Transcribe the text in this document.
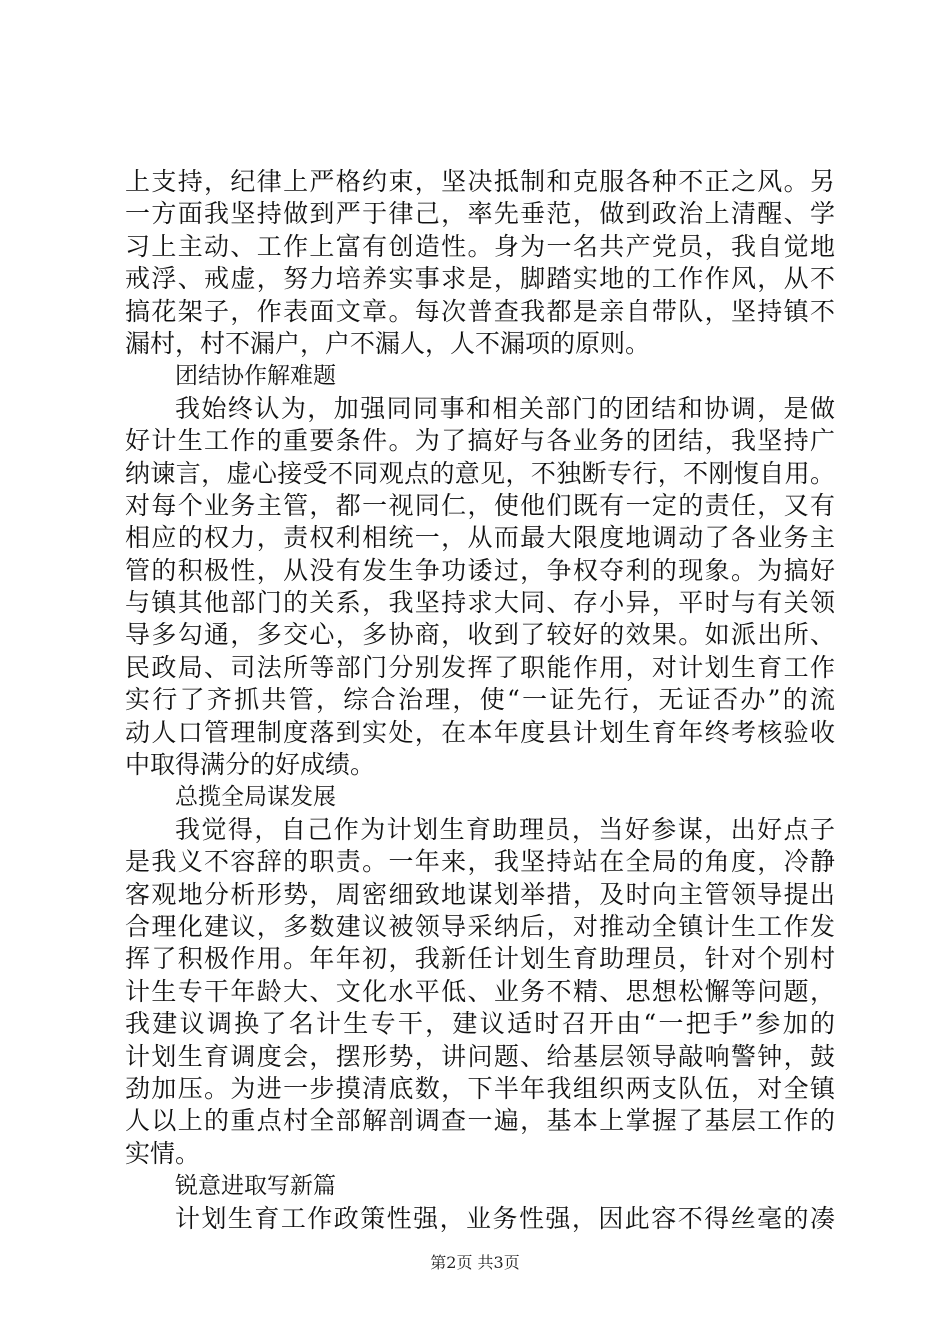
上支持，纪律上严格约束，坚决抵制和克服各种不正之风。另
一方面我坚持做到严于律己，率先垂范，做到政治上清醒、学
习上主动、工作上富有创造性。身为一名共产党员，我自觉地
戒浮、戒虚，努力培养实事求是，脚踏实地的工作作风，从不
搞花架子，作表面文章。每次普查我都是亲自带队，坚持镇不
漏村，村不漏户，户不漏人，人不漏项的原则。
团结协作解难题
我始终认为，加强同同事和相关部门的团结和协调，是做
好计生工作的重要条件。为了搞好与各业务的团结，我坚持广
纳谏言，虚心接受不同观点的意见，不独断专行，不刚愎自用。
对每个业务主管，都一视同仁，使他们既有一定的责任，又有
相应的权力，责权利相统一，从而最大限度地调动了各业务主
管的积极性，从没有发生争功诿过，争权夺利的现象。为搞好
与镇其他部门的关系，我坚持求大同、存小异，平时与有关领
导多勾通，多交心，多协商，收到了较好的效果。如派出所、
民政局、司法所等部门分别发挥了职能作用，对计划生育工作
实行了齐抓共管，综合治理，使“一证先行，无证否办”的流
动人口管理制度落到实处，在本年度县计划生育年终考核验收
中取得满分的好成绩。
总揽全局谋发展
我觉得，自己作为计划生育助理员，当好参谋，出好点子
是我义不容辞的职责。一年来，我坚持站在全局的角度，冷静
客观地分析形势，周密细致地谋划举措，及时向主管领导提出
合理化建议，多数建议被领导采纳后，对推动全镇计生工作发
挥了积极作用。年年初，我新任计划生育助理员，针对个别村
计生专干年龄大、文化水平低、业务不精、思想松懈等问题，
我建议调换了名计生专干，建议适时召开由“一把手”参加的
计划生育调度会，摆形势，讲问题、给基层领导敲响警钟，鼓
劲加压。为进一步摸清底数，下半年我组织两支队伍，对全镇
人以上的重点村全部解剖调查一遍，基本上掌握了基层工作的
实情。
锐意进取写新篇
计划生育工作政策性强，业务性强，因此容不得丝毫的凑
第2页 共3页
